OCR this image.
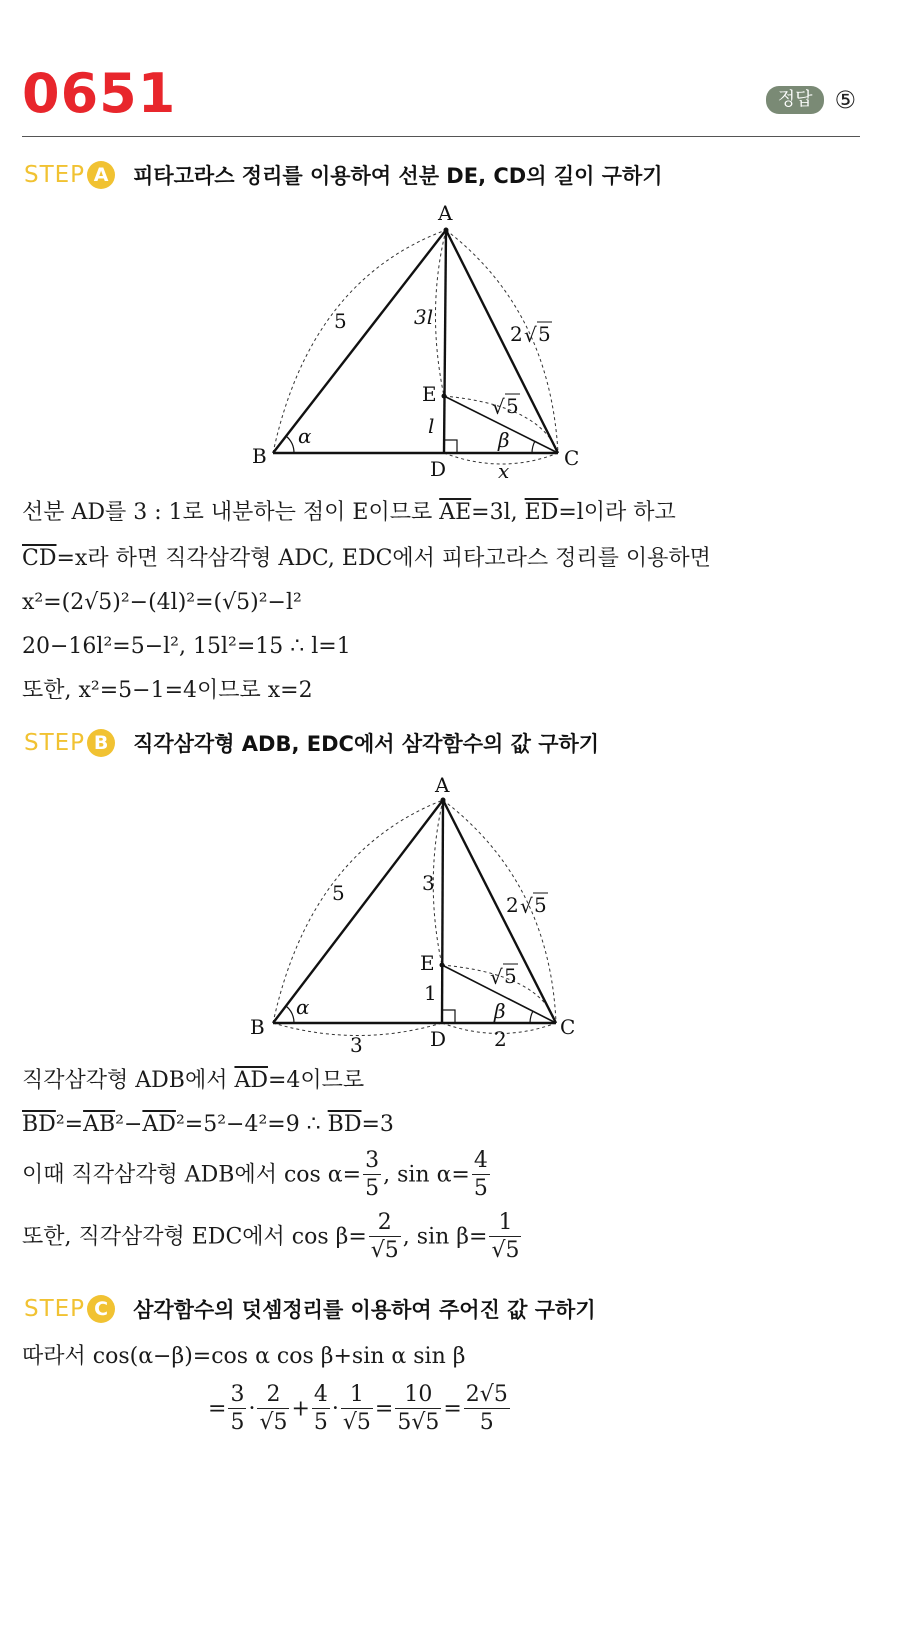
0651	정답 ⑤
STEP A	피타고라스 정리를 이용하여 선분 DE, CD의 길이 구하기
A
B	C
D
E
5	3l
2 √ 5
√ 5
l
x
α	β
선분 AD를 3 : 1로 내분하는 점이 E이므로 $\overline{AE}=3l$, $\overline{ED}=l$이라 하고
$\overline{CD}=x$라 하면 직각삼각형 ADC, EDC에서 피타고라스 정리를 이용하면
x²=(2√5)²−(4l)²=(√5)²−l²
20−16l²=5−l², 15l²=15 ∴ l=1
또한, x²=5−1=4이므로 x=2
STEP B	직각삼각형 ADB, EDC에서 삼각함수의 값 구하기
A
B	C
D
E
5	3
2 √ 5
√ 5
1
3	2
α	β
직각삼각형 ADB에서 $\overline{AD}=4$이므로
$\overline{BD}^2=\overline{AB}^2-\overline{AD}^2=5^2-4^2=9$ ∴ $\overline{BD}=3$
이때 직각삼각형 ADB에서 $\cos \alpha= \frac{3}{5}$ , $\sin \alpha= \frac{4}{5}$
또한, 직각삼각형 EDC에서 $\cos \beta= \frac{2}{√5}$ , $\sin \beta= \frac{1}{√5}$
STEP C	삼각함수의 덧셈정리를 이용하여 주어진 값 구하기
따라서 cos(α−β)=cos α cos β+sin α sin β
= $\frac{3}{5} \cdot \frac{2}{√5} + \frac{4}{5} \cdot \frac{1}{√5} = \frac{10}{5√5} = \frac{2√5}{5}$
